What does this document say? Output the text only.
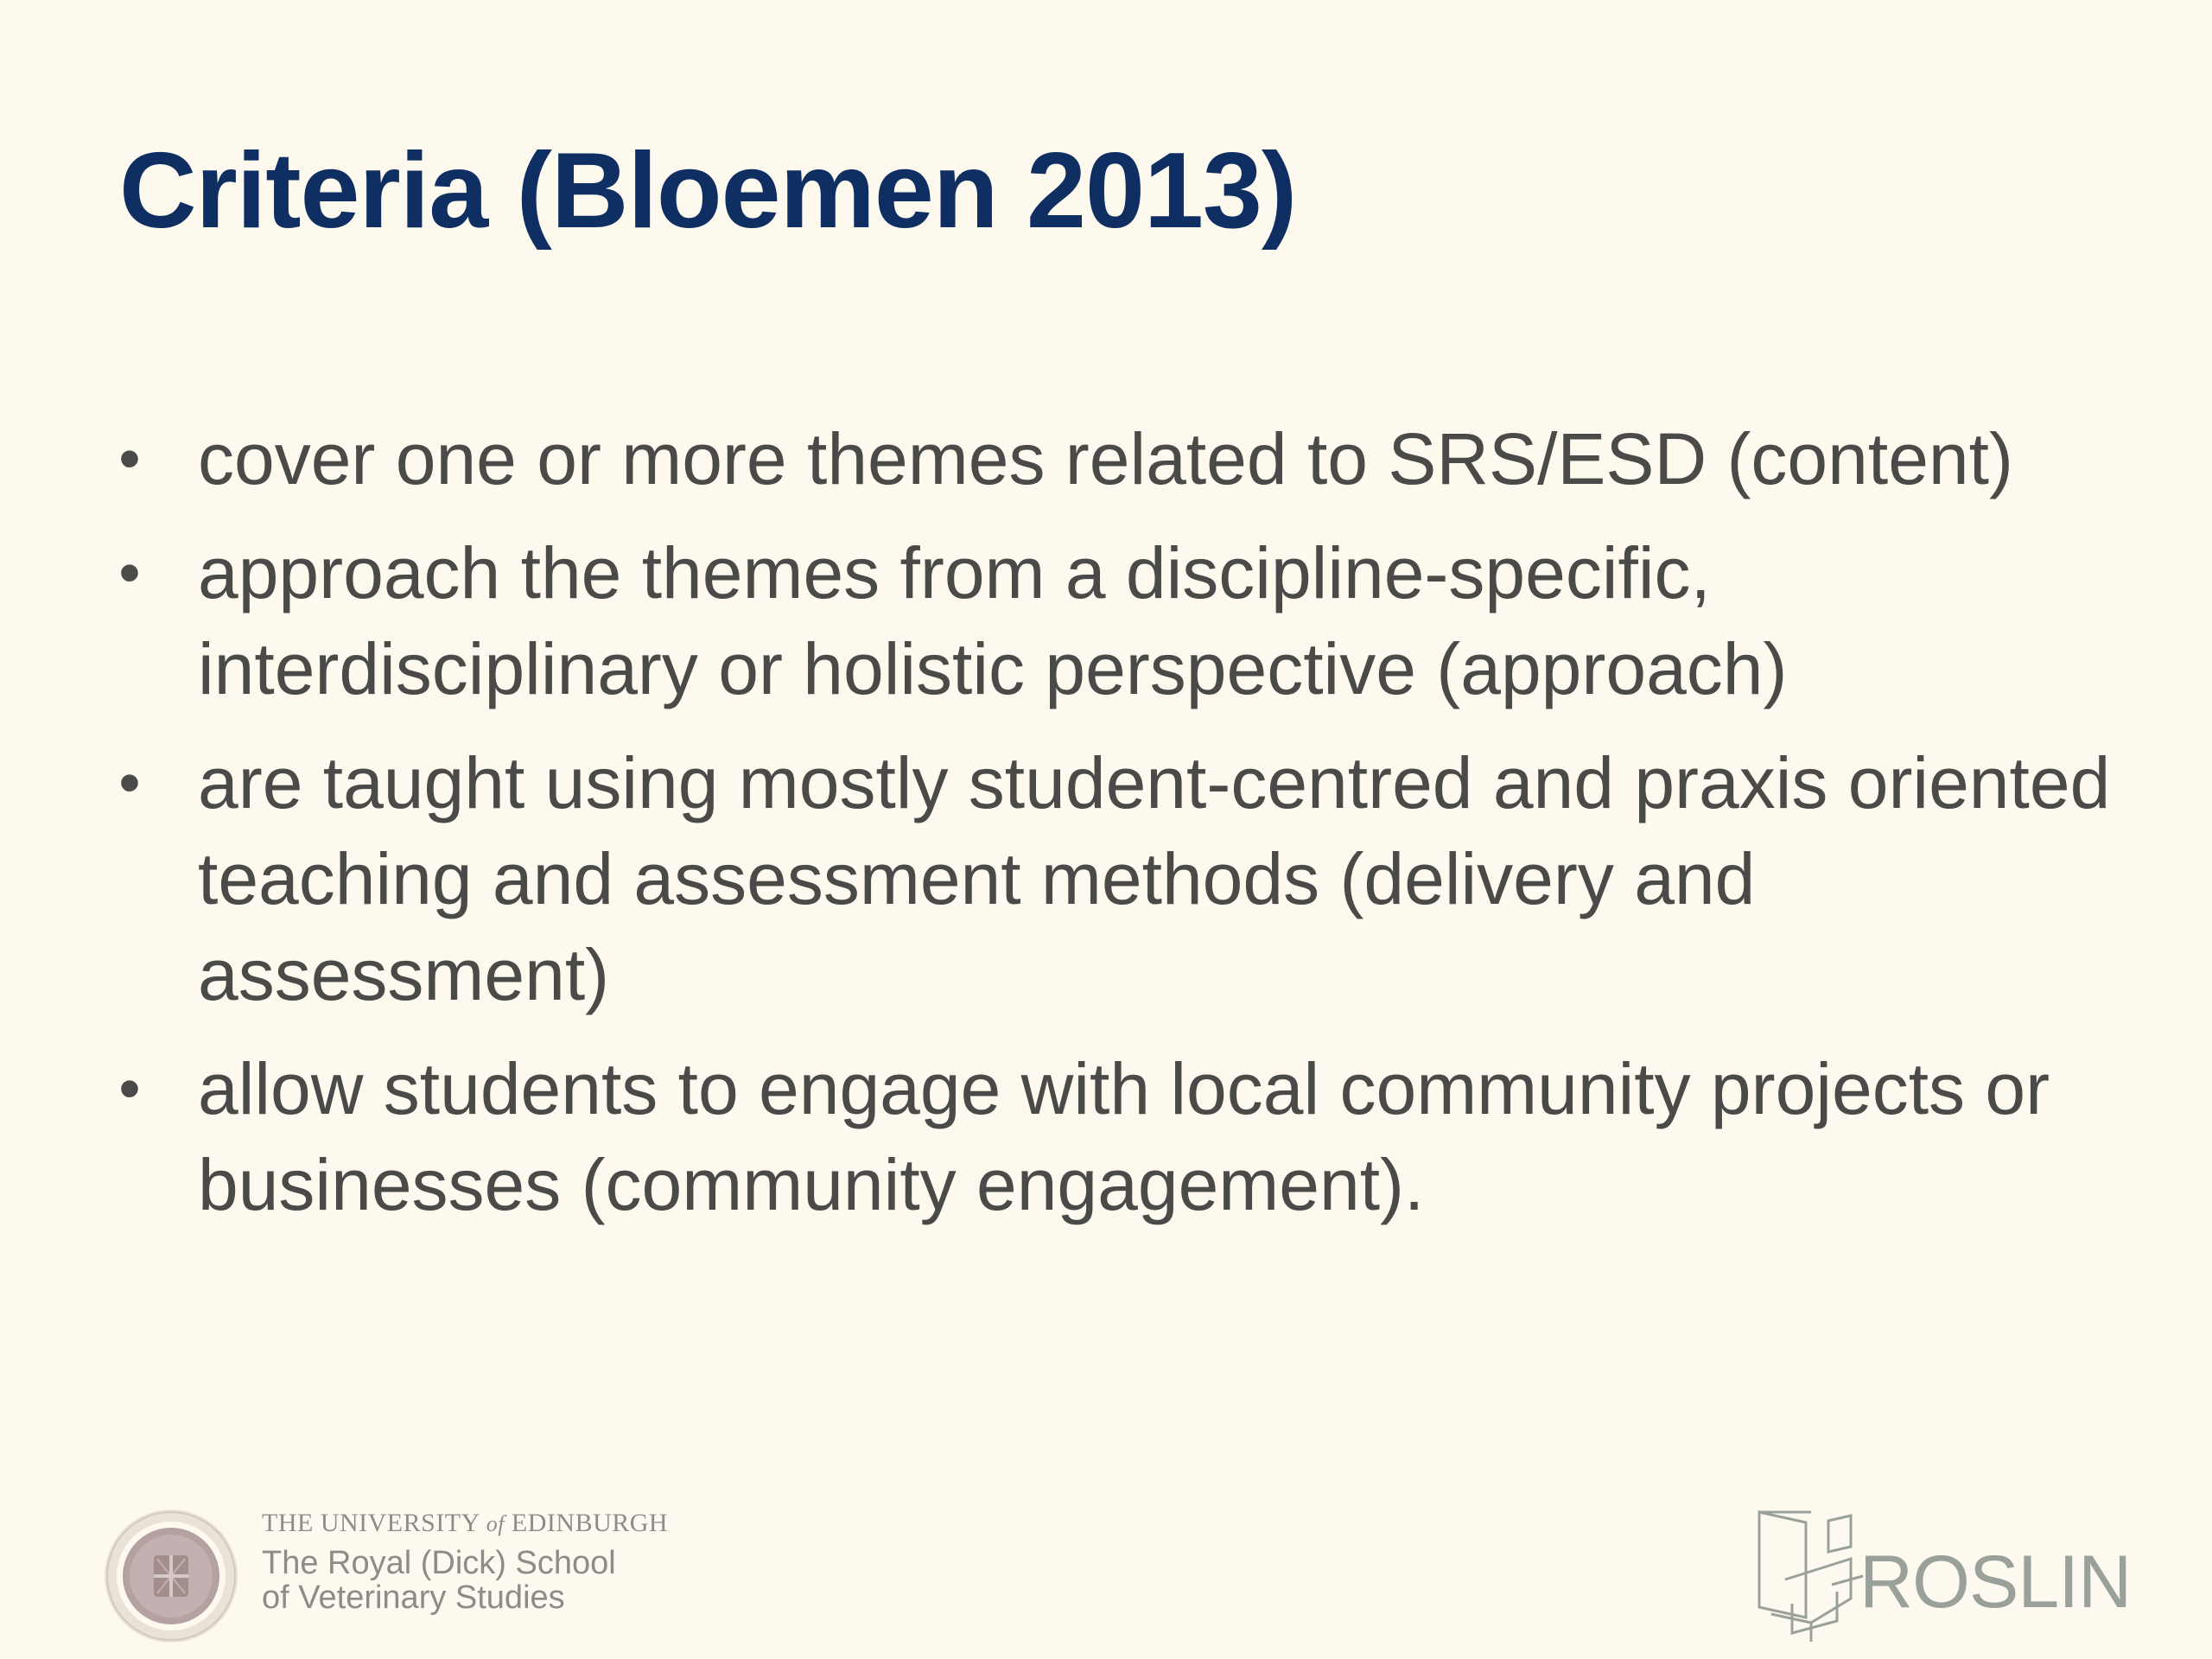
Criteria (Bloemen 2013)
• cover one or more themes related to SRS/ESD (content)
• approach the themes from a discipline-specific, interdisciplinary or holistic perspective (approach)
• are taught using mostly student-centred and praxis oriented teaching and assessment methods (delivery and assessment)
• allow students to engage with local community projects or businesses (community engagement).
THE UNIVERSITY of EDINBURGH
The Royal (Dick) School
of Veterinary Studies	ROSLIN
